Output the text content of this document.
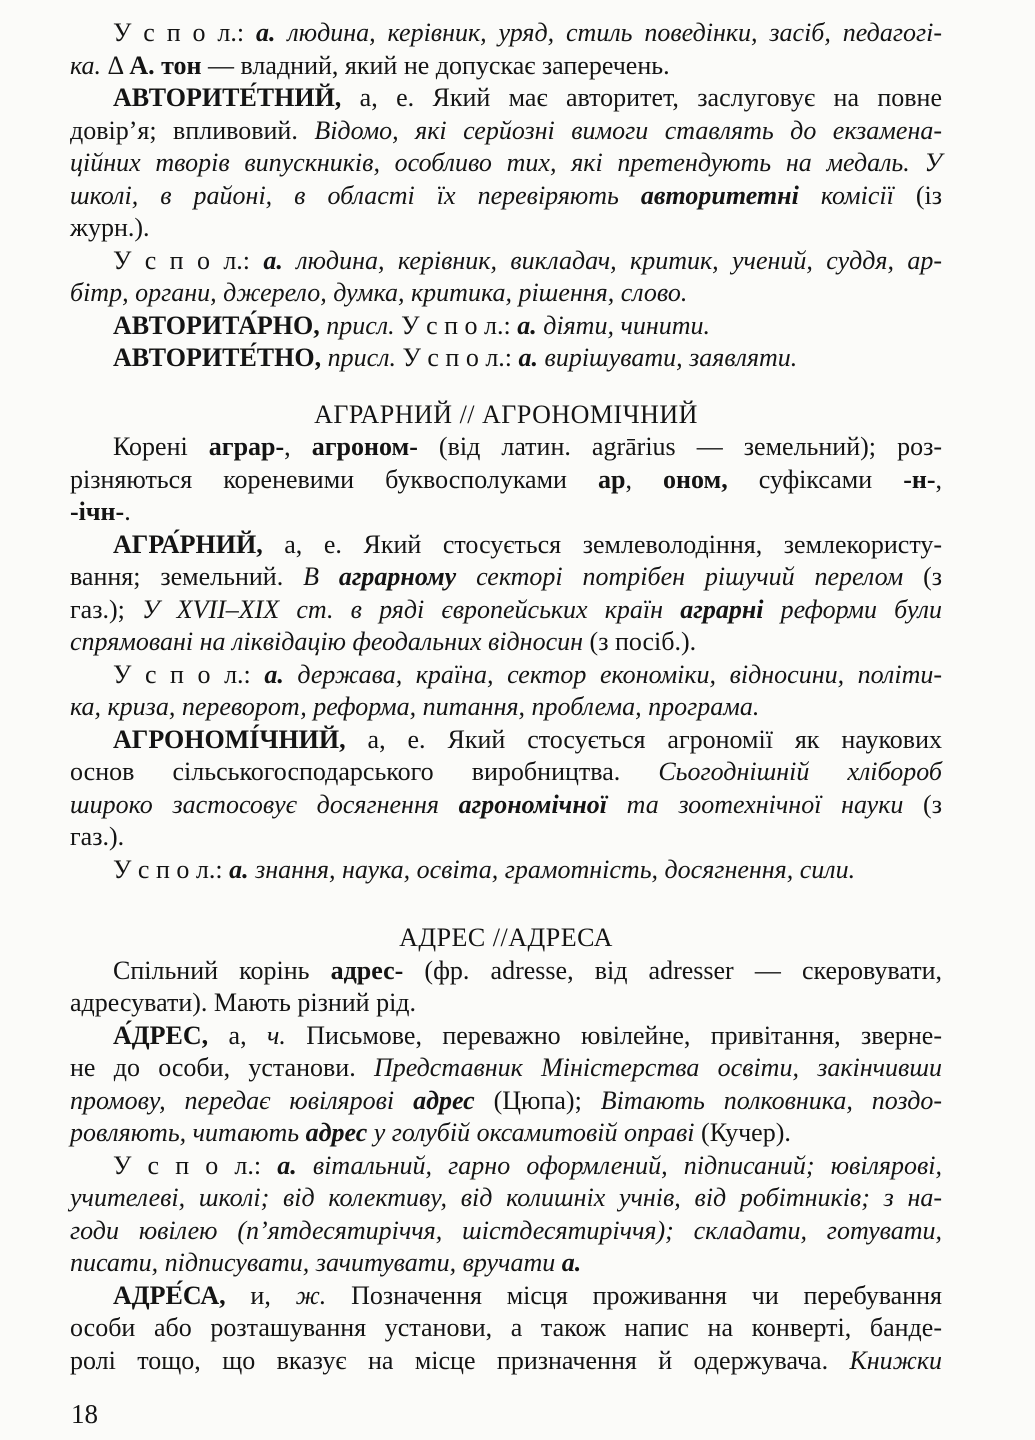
У с п о л.: а. людина, керівник, уряд, стиль поведінки, засіб, педагогі-
ка. Δ А. тон — владний, який не допускає заперечень.
АВТОРИТЕ́ТНИЙ, а, е. Який має авторитет, заслуговує на повне
довір’я; впливовий. Відомо, які серйозні вимоги ставлять до екзамена-
ційних творів випускників, особливо тих, які претендують на медаль. У
школі, в районі, в області їх перевіряють авторитетні комісії (із
журн.).
У с п о л.: а. людина, керівник, викладач, критик, учений, суддя, ар-
бітр, органи, джерело, думка, критика, рішення, слово.
АВТОРИТА́РНО, присл. У с п о л.: а. діяти, чинити.
АВТОРИТЕ́ТНО, присл. У с п о л.: а. вирішувати, заявляти.
АГРАРНИЙ // АГРОНОМІЧНИЙ
Корені аграр-, агроном- (від латин. agrārius — земельний); роз-
різняються кореневими буквосполуками ар, оном, суфіксами -н-,
-ічн-.
АГРА́РНИЙ, а, е. Який стосується землеволодіння, землекористу-
вання; земельний. В аграрному секторі потрібен рішучий перелом (з
газ.); У XVII–XIX ст. в ряді європейських країн аграрні реформи були
спрямовані на ліквідацію феодальних відносин (з посіб.).
У с п о л.: а. держава, країна, сектор економіки, відносини, політи-
ка, криза, переворот, реформа, питання, проблема, програма.
АГРОНОМІ́ЧНИЙ, а, е. Який стосується агрономії як наукових
основ сільськогосподарського виробництва. Сьогоднішній хлібороб
широко застосовує досягнення агрономічної та зоотехнічної науки (з
газ.).
У с п о л.: а. знання, наука, освіта, грамотність, досягнення, сили.
АДРЕС //АДРЕСА
Спільний корінь адрес- (фр. adresse, від adresser — скеровувати,
адресувати). Мають різний рід.
А́ДРЕС, а, ч. Письмове, переважно ювілейне, привітання, зверне-
не до особи, установи. Представник Міністерства освіти, закінчивши
промову, передає ювілярові адрес (Цюпа); Вітають полковника, поздо-
ровляють, читають адрес у голубій оксамитовій оправі (Кучер).
У с п о л.: а. вітальний, гарно оформлений, підписаний; ювілярові,
учителеві, школі; від колективу, від колишніх учнів, від робітників; з на-
годи ювілею (п’ятдесятиріччя, шістдесятиріччя); складати, готувати,
писати, підписувати, зачитувати, вручати а.
АДРЕ́СА, и, ж. Позначення місця проживання чи перебування
особи або розташування установи, а також напис на конверті, банде-
ролі тощо, що вказує на місце призначення й одержувача. Книжки
18
